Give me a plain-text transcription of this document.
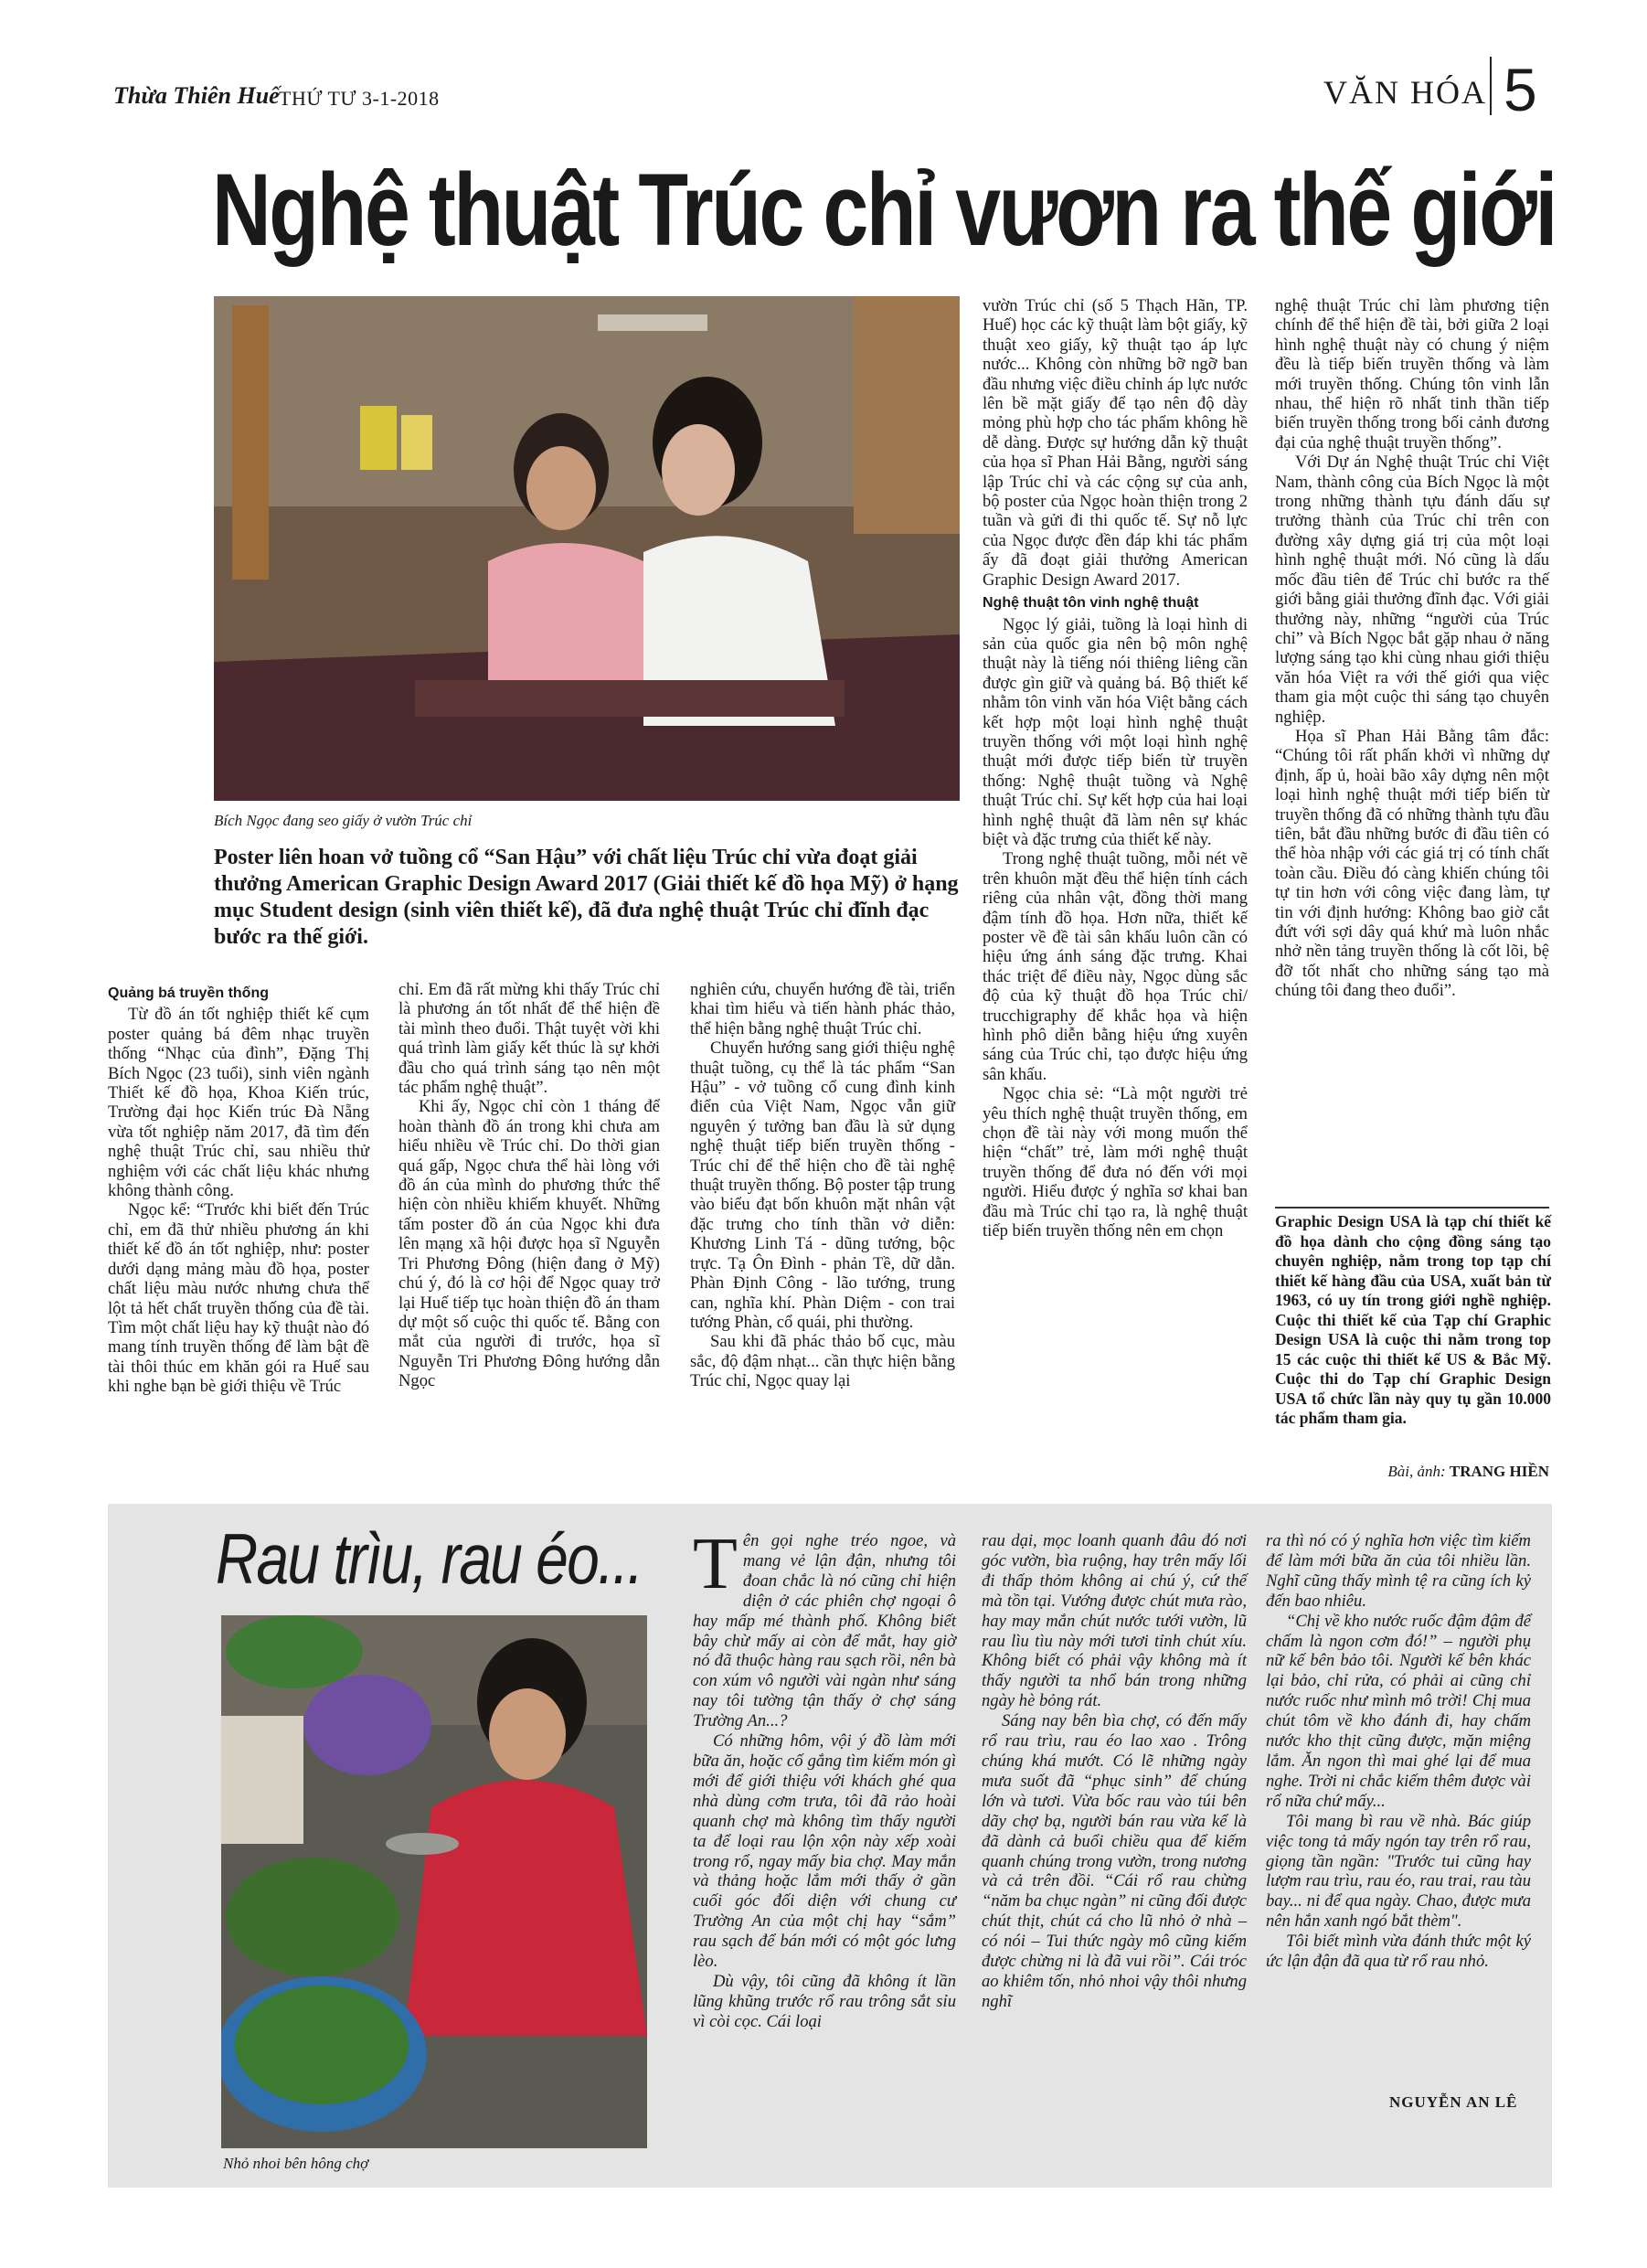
Thừa Thiên Huế THỨ TƯ 3-1-2018	VĂN HÓA 5
Nghệ thuật Trúc chỉ vươn ra thế giới
Bích Ngọc đang seo giấy ở vườn Trúc chỉ
Poster liên hoan vở tuồng cổ “San Hậu” với chất liệu Trúc chỉ vừa đoạt giải thưởng American Graphic Design Award 2017 (Giải thiết kế đồ họa Mỹ) ở hạng mục Student design (sinh viên thiết kế), đã đưa nghệ thuật Trúc chỉ đĩnh đạc bước ra thế giới.
Quảng bá truyền thống

Từ đồ án tốt nghiệp thiết kế cụm poster quảng bá đêm nhạc truyền thống “Nhạc của đình”, Đặng Thị Bích Ngọc (23 tuổi), sinh viên ngành Thiết kế đồ họa, Khoa Kiến trúc, Trường đại học Kiến trúc Đà Nẵng vừa tốt nghiệp năm 2017, đã tìm đến nghệ thuật Trúc chỉ, sau nhiều thử nghiệm với các chất liệu khác nhưng không thành công.

Ngọc kể: “Trước khi biết đến Trúc chỉ, em đã thử nhiều phương án khi thiết kế đồ án tốt nghiệp, như: poster dưới dạng mảng màu đồ họa, poster chất liệu màu nước nhưng chưa thể lột tả hết chất truyền thống của đề tài. Tìm một chất liệu hay kỹ thuật nào đó mang tính truyền thống để làm bật đề tài thôi thúc em khăn gói ra Huế sau khi nghe bạn bè giới thiệu về Trúc

chỉ. Em đã rất mừng khi thấy Trúc chỉ là phương án tốt nhất để thể hiện đề tài mình theo đuổi. Thật tuyệt vời khi quá trình làm giấy kết thúc là sự khởi đầu cho quá trình sáng tạo nên một tác phẩm nghệ thuật”.

Khi ấy, Ngọc chỉ còn 1 tháng để hoàn thành đồ án trong khi chưa am hiểu nhiều về Trúc chỉ. Do thời gian quá gấp, Ngọc chưa thể hài lòng với đồ án của mình do phương thức thể hiện còn nhiều khiếm khuyết. Những tấm poster đồ án của Ngọc khi đưa lên mạng xã hội được họa sĩ Nguyễn Tri Phương Đông (hiện đang ở Mỹ) chú ý, đó là cơ hội để Ngọc quay trở lại Huế tiếp tục hoàn thiện đồ án tham dự một số cuộc thi quốc tế. Bằng con mắt của người đi trước, họa sĩ Nguyễn Tri Phương Đông hướng dẫn Ngọc

nghiên cứu, chuyển hướng đề tài, triển khai tìm hiểu và tiến hành phác thảo, thể hiện bằng nghệ thuật Trúc chỉ.

Chuyển hướng sang giới thiệu nghệ thuật tuồng, cụ thể là tác phẩm “San Hậu” - vở tuồng cổ cung đình kinh điển của Việt Nam, Ngọc vẫn giữ nguyên ý tưởng ban đầu là sử dụng nghệ thuật tiếp biến truyền thống - Trúc chỉ để thể hiện cho đề tài nghệ thuật truyền thống. Bộ poster tập trung vào biểu đạt bốn khuôn mặt nhân vật đặc trưng cho tính thần vở diễn: Khương Linh Tá - dũng tướng, bộc trực. Tạ Ôn Đình - phản Tề, dữ dằn. Phàn Định Công - lão tướng, trung can, nghĩa khí. Phàn Diệm - con trai tướng Phàn, cổ quái, phi thường.

Sau khi đã phác thảo bố cục, màu sắc, độ đậm nhạt... cần thực hiện bằng Trúc chỉ, Ngọc quay lại

vườn Trúc chỉ (số 5 Thạch Hãn, TP. Huế) học các kỹ thuật làm bột giấy, kỹ thuật xeo giấy, kỹ thuật tạo áp lực nước... Không còn những bỡ ngỡ ban đầu nhưng việc điều chỉnh áp lực nước lên bề mặt giấy để tạo nên độ dày mỏng phù hợp cho tác phẩm không hề dễ dàng. Được sự hướng dẫn kỹ thuật của họa sĩ Phan Hải Bằng, người sáng lập Trúc chỉ và các cộng sự của anh, bộ poster của Ngọc hoàn thiện trong 2 tuần và gửi đi thi quốc tế. Sự nỗ lực của Ngọc được đền đáp khi tác phẩm ấy đã đoạt giải thưởng American Graphic Design Award 2017.

Nghệ thuật tôn vinh nghệ thuật

Ngọc lý giải, tuồng là loại hình di sản của quốc gia nên bộ môn nghệ thuật này là tiếng nói thiêng liêng cần được gìn giữ và quảng bá. Bộ thiết kế nhằm tôn vinh văn hóa Việt bằng cách kết hợp một loại hình nghệ thuật truyền thống với một loại hình nghệ thuật mới được tiếp biến từ truyền thống: Nghệ thuật tuồng và Nghệ thuật Trúc chỉ. Sự kết hợp của hai loại hình nghệ thuật đã làm nên sự khác biệt và đặc trưng của thiết kế này.

Trong nghệ thuật tuồng, mỗi nét vẽ trên khuôn mặt đều thể hiện tính cách riêng của nhân vật, đồng thời mang đậm tính đồ họa. Hơn nữa, thiết kế poster về đề tài sân khấu luôn cần có hiệu ứng ánh sáng đặc trưng. Khai thác triệt để điều này, Ngọc dùng sắc độ của kỹ thuật đồ họa Trúc chỉ/ trucchigraphy để khắc họa và hiện hình phô diễn bằng hiệu ứng xuyên sáng của Trúc chỉ, tạo được hiệu ứng sân khấu.

Ngọc chia sẻ: “Là một người trẻ yêu thích nghệ thuật truyền thống, em chọn đề tài này với mong muốn thể hiện “chất” trẻ, làm mới nghệ thuật truyền thống để đưa nó đến với mọi người. Hiểu được ý nghĩa sơ khai ban đầu mà Trúc chỉ tạo ra, là nghệ thuật tiếp biến truyền thống nên em chọn

nghệ thuật Trúc chỉ làm phương tiện chính để thể hiện đề tài, bởi giữa 2 loại hình nghệ thuật này có chung ý niệm đều là tiếp biến truyền thống và làm mới truyền thống. Chúng tôn vinh lẫn nhau, thể hiện rõ nhất tinh thần tiếp biến truyền thống trong bối cảnh đương đại của nghệ thuật truyền thống”.

Với Dự án Nghệ thuật Trúc chỉ Việt Nam, thành công của Bích Ngọc là một trong những thành tựu đánh dấu sự trưởng thành của Trúc chỉ trên con đường xây dựng giá trị của một loại hình nghệ thuật mới. Nó cũng là dấu mốc đầu tiên để Trúc chỉ bước ra thế giới bằng giải thưởng đĩnh đạc. Với giải thưởng này, những “người của Trúc chỉ” và Bích Ngọc bắt gặp nhau ở năng lượng sáng tạo khi cùng nhau giới thiệu văn hóa Việt ra với thế giới qua việc tham gia một cuộc thi sáng tạo chuyên nghiệp.

Họa sĩ Phan Hải Bằng tâm đắc: “Chúng tôi rất phấn khởi vì những dự định, ấp ủ, hoài bão xây dựng nên một loại hình nghệ thuật mới tiếp biến từ truyền thống đã có những thành tựu đầu tiên, bắt đầu những bước đi đầu tiên có thể hòa nhập với các giá trị có tính chất toàn cầu. Điều đó càng khiến chúng tôi tự tin hơn với công việc đang làm, tự tin với định hướng: Không bao giờ cắt đứt với sợi dây quá khứ mà luôn nhắc nhở nền tảng truyền thống là cốt lõi, bệ đỡ tốt nhất cho những sáng tạo mà chúng tôi đang theo đuổi”.

Graphic Design USA là tạp chí thiết kế đồ họa dành cho cộng đồng sáng tạo chuyên nghiệp, nằm trong top tạp chí thiết kế hàng đầu của USA, xuất bản từ 1963, có uy tín trong giới nghề nghiệp. Cuộc thi thiết kế của Tạp chí Graphic Design USA là cuộc thi nằm trong top 15 các cuộc thi thiết kế US & Bắc Mỹ. Cuộc thi do Tạp chí Graphic Design USA tổ chức lần này quy tụ gần 10.000 tác phẩm tham gia.
Bài, ảnh: TRANG HIỀN
Rau trìu, rau éo...
Nhỏ nhoi bên hông chợ
T ên gọi nghe tréo ngoe, và mang vẻ lận đận, nhưng tôi đoan chắc là nó cũng chỉ hiện diện ở các phiên chợ ngoại ô hay mấp mé thành phố. Không biết bây chừ mấy ai còn để mắt, hay giờ nó đã thuộc hàng rau sạch rồi, nên bà con xúm vô người vài ngàn như sáng nay tôi tường tận thấy ở chợ sáng Trường An...?

Có những hôm, vội ý đồ làm mới bữa ăn, hoặc cố gắng tìm kiếm món gì mới để giới thiệu với khách ghé qua nhà dùng cơm trưa, tôi đã rảo hoài quanh chợ mà không tìm thấy người ta để loại rau lộn xộn này xếp xoài trong rổ, ngay mấy bia chợ. May mắn và thảng hoặc lắm mới thấy ở gần cuối góc đối diện với chung cư Trường An của một chị hay “sắm” rau sạch để bán mới có một góc lưng lèo.

Dù vậy, tôi cũng đã không ít lần lũng khũng trước rổ rau trông sắt sỉu vì còi cọc. Cái loại

rau dại, mọc loanh quanh đâu đó nơi góc vườn, bìa ruộng, hay trên mấy lối đi thấp thỏm không ai chú ý, cứ thế mà tồn tại. Vướng được chút mưa rào, hay may mắn chút nước tưới vườn, lũ rau lìu tìu này mới tươi tỉnh chút xíu. Không biết có phải vậy không mà ít thấy người ta nhổ bán trong những ngày hè bỏng rát.

Sáng nay bên bìa chợ, có đến mấy rổ rau trìu, rau éo lao xao . Trông chúng khá mướt. Có lẽ những ngày mưa suốt đã “phục sinh” để chúng lớn và tươi. Vừa bốc rau vào túi bên dãy chợ bạ, người bán rau vừa kể là đã dành cả buổi chiều qua để kiếm quanh chúng trong vườn, trong nương và cả trên đồi. “Cái rổ rau chừng “năm ba chục ngàn” ni cũng đối được chút thịt, chút cá cho lũ nhỏ ở nhà – có nói – Tui thức ngày mô cũng kiếm được chừng ni là đã vui rồi”. Cái tróc ao khiêm tốn, nhỏ nhoi vậy thôi nhưng nghĩ

ra thì nó có ý nghĩa hơn việc tìm kiếm để làm mới bữa ăn của tôi nhiều lần. Nghĩ cũng thấy mình tệ ra cũng ích kỷ đến bao nhiêu.

“Chị về kho nước ruốc đậm đậm để chấm là ngon cơm đó!” – người phụ nữ kế bên bảo tôi. Người kế bên khác lại bảo, chỉ rửa, có phải ai cũng chỉ nước ruốc như mình mô trời! Chị mua chút tôm về kho đánh đi, hay chấm nước kho thịt cũng được, mặn miệng lắm. Ăn ngon thì mai ghé lại để mua nghe. Trời ni chắc kiếm thêm được vài rổ nữa chứ mấy...

Tôi mang bì rau về nhà. Bác giúp việc tong tả mấy ngón tay trên rổ rau, giọng tần ngần: "Trước tui cũng hay lượm rau trìu, rau éo, rau trai, rau tàu bay... ni để qua ngày. Chao, được mưa nên hắn xanh ngó bắt thèm".

Tôi biết mình vừa đánh thức một ký ức lận đận đã qua từ rổ rau nhỏ.

NGUYỄN AN LÊ
